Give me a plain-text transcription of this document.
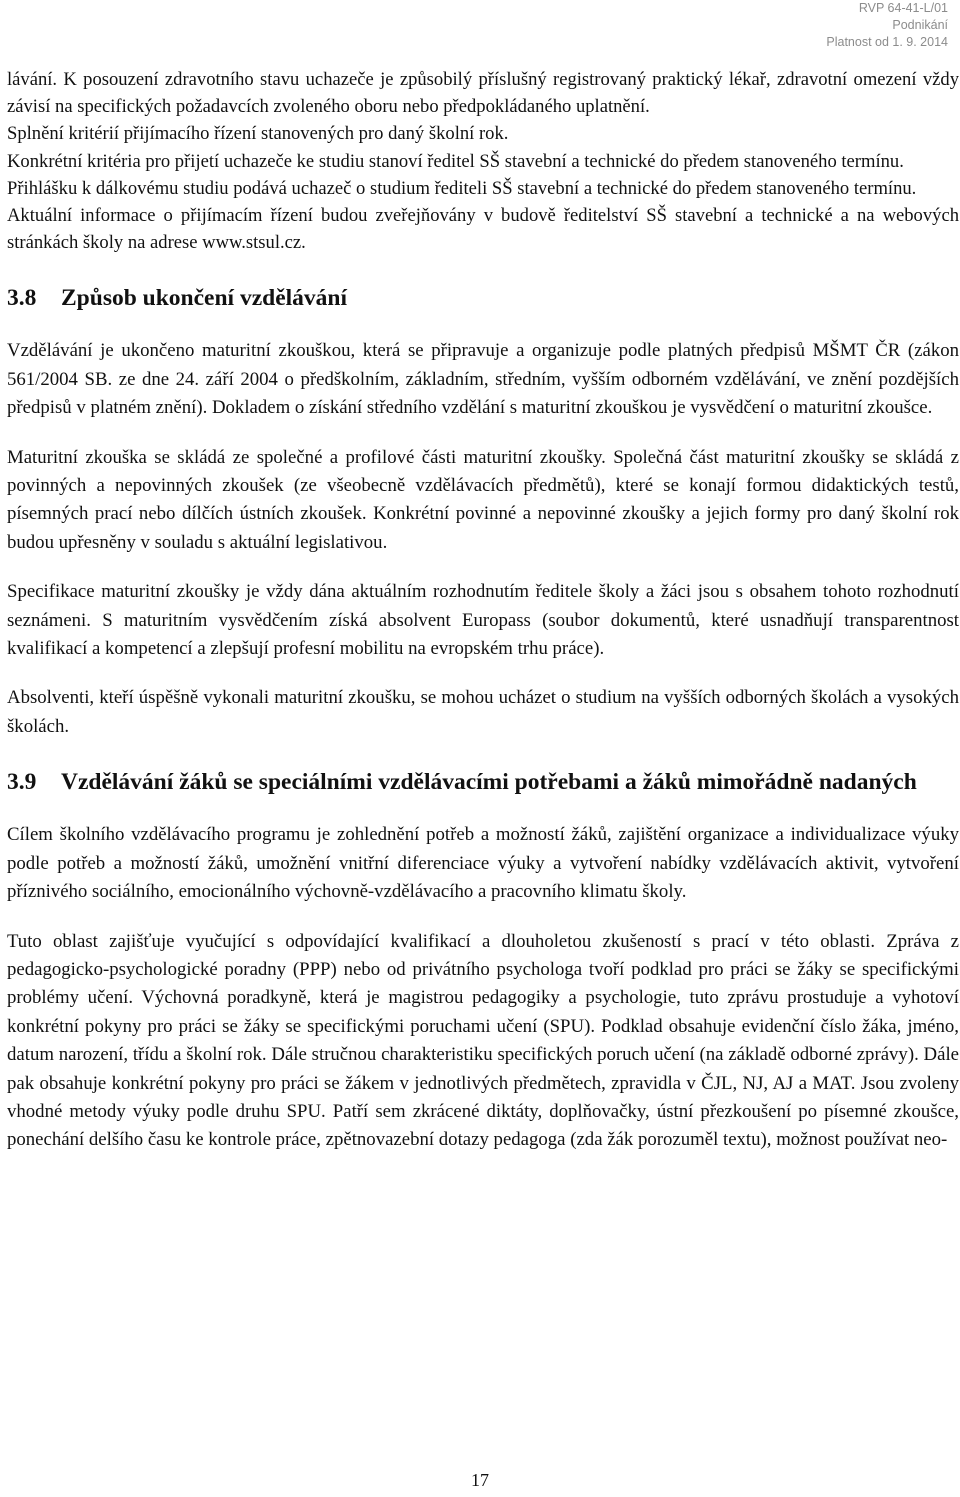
RVP 64-41-L/01
Podnikání
Platnost od 1. 9. 2014

lávání. K posouzení zdravotního stavu uchazeče je způsobilý příslušný registrovaný praktický lékař, zdravotní omezení vždy závisí na specifických požadavcích zvoleného oboru nebo předpokládaného uplatnění.

Splnění kritérií přijímacího řízení stanovených pro daný školní rok.

Konkrétní kritéria pro přijetí uchazeče ke studiu stanoví ředitel SŠ stavební a technické do předem stanoveného termínu.

Přihlášku k dálkovému studiu podává uchazeč o studium řediteli SŠ stavební a technické do předem stanoveného termínu.

Aktuální informace o přijímacím řízení budou zveřejňovány v budově ředitelství SŠ stavební a technické a na webových stránkách školy na adrese www.stsul.cz.

3.8	Způsob ukončení vzdělávání

Vzdělávání je ukončeno maturitní zkouškou, která se připravuje a organizuje podle platných předpisů MŠMT ČR (zákon 561/2004 SB. ze dne 24. září 2004 o předškolním, základním, středním, vyšším odborném vzdělávání, ve znění pozdějších předpisů v platném znění). Dokladem o získání středního vzdělání s maturitní zkouškou je vysvědčení o maturitní zkoušce.

Maturitní zkouška se skládá ze společné a profilové části maturitní zkoušky. Společná část maturitní zkoušky se skládá z povinných a nepovinných zkoušek (ze všeobecně vzdělávacích předmětů), které se konají formou didaktických testů, písemných prací nebo dílčích ústních zkoušek. Konkrétní povinné a nepovinné zkoušky a jejich formy pro daný školní rok budou upřesněny v souladu s aktuální legislativou.

Specifikace maturitní zkoušky je vždy dána aktuálním rozhodnutím ředitele školy a žáci jsou s obsahem tohoto rozhodnutí seznámeni. S maturitním vysvědčením získá absolvent Europass (soubor dokumentů, které usnadňují transparentnost kvalifikací a kompetencí a zlepšují profesní mobilitu na evropském trhu práce).

Absolventi, kteří úspěšně vykonali maturitní zkoušku, se mohou ucházet o studium na vyšších odborných školách a vysokých školách.

3.9	Vzdělávání žáků se speciálními vzdělávacími potřebami a žáků mimořádně nadaných

Cílem školního vzdělávacího programu je zohlednění potřeb a možností žáků, zajištění organizace a individualizace výuky podle potřeb a možností žáků, umožnění vnitřní diferenciace výuky a vytvoření nabídky vzdělávacích aktivit, vytvoření příznivého sociálního, emocionálního výchovně-vzdělávacího a pracovního klimatu školy.

Tuto oblast zajišťuje vyučující s odpovídající kvalifikací a dlouholetou zkušeností s prací v této oblasti. Zpráva z pedagogicko-psychologické poradny (PPP) nebo od privátního psychologa tvoří podklad pro práci se žáky se specifickými problémy učení. Výchovná poradkyně, která je magistrou pedagogiky a psychologie, tuto zprávu prostuduje a vyhotoví konkrétní pokyny pro práci se žáky se specifickými poruchami učení (SPU). Podklad obsahuje evidenční číslo žáka, jméno, datum narození, třídu a školní rok. Dále stručnou charakteristiku specifických poruch učení (na základě odborné zprávy). Dále pak obsahuje konkrétní pokyny pro práci se žákem v jednotlivých předmětech, zpravidla v ČJL, NJ, AJ a MAT. Jsou zvoleny vhodné metody výuky podle druhu SPU. Patří sem zkrácené diktáty, doplňovačky, ústní přezkoušení po písemné zkoušce, ponechání delšího času ke kontrole práce, zpětnovazební dotazy pedagoga (zda žák porozuměl textu), možnost používat neo-

17
